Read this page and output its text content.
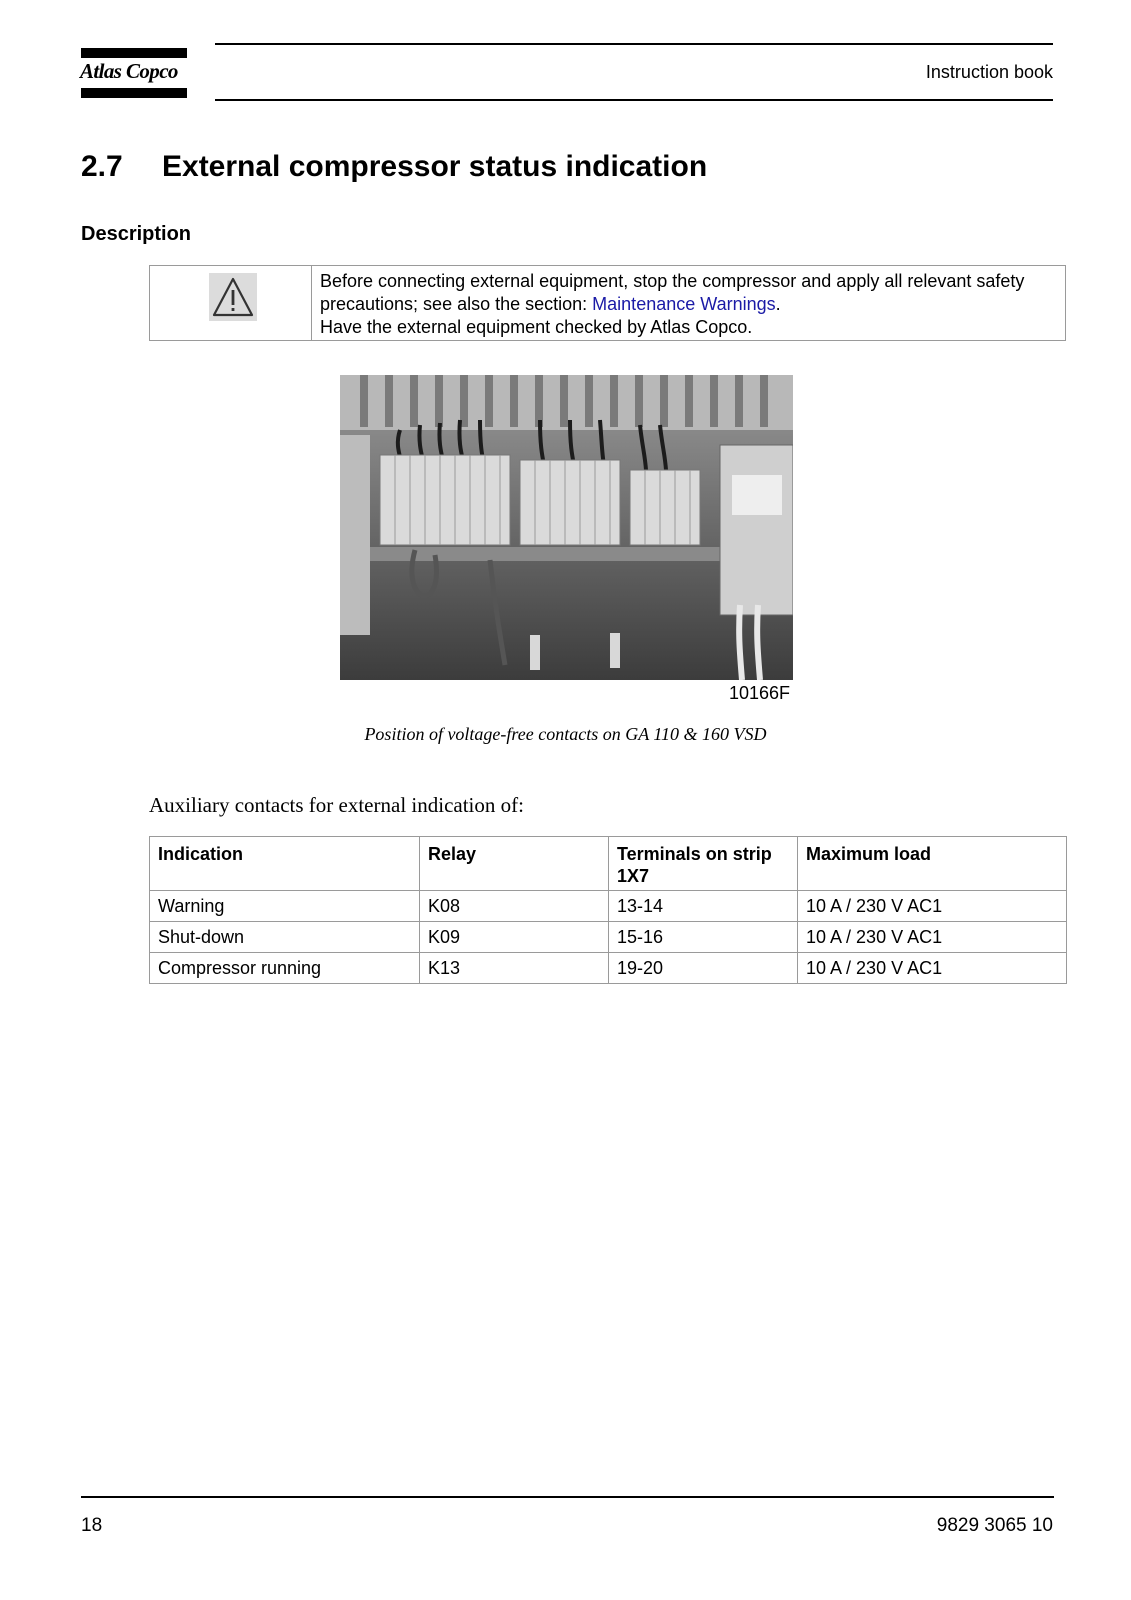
Atlas Copco	Instruction book
2.7 External compressor status indication
Description
Before connecting external equipment, stop the compressor and apply all relevant safety precautions; see also the section: Maintenance Warnings.
Have the external equipment checked by Atlas Copco.
10166F
Position of voltage-free contacts on GA 110 & 160 VSD
Auxiliary contacts for external indication of:
Indication	Relay	Terminals on strip 1X7	Maximum load
Warning	K08	13-14	10 A / 230 V AC1
Shut-down	K09	15-16	10 A / 230 V AC1
Compressor running	K13	19-20	10 A / 230 V AC1
18	9829 3065 10
